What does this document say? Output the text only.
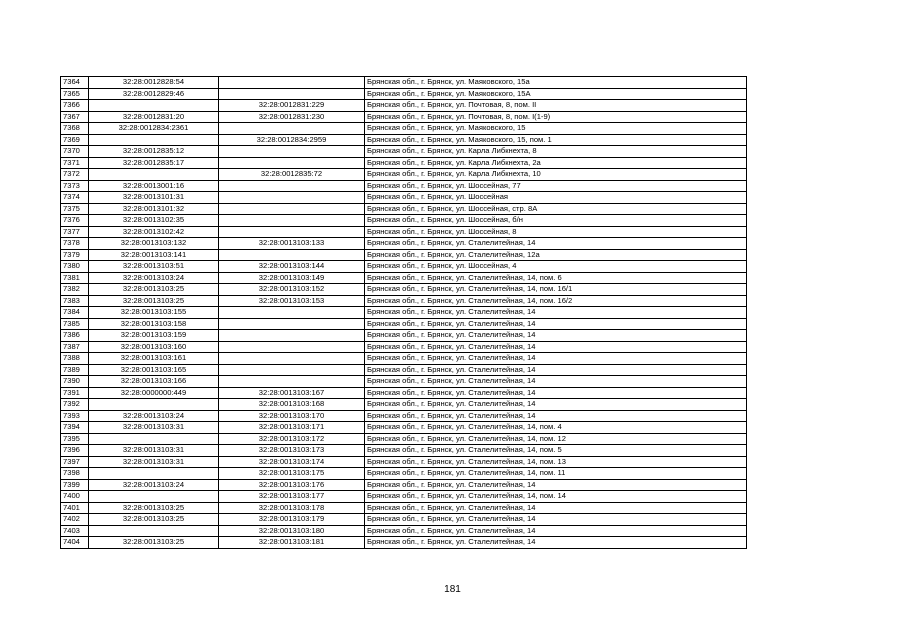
7364	32:28:0012828:54		Брянская обл., г. Брянск, ул. Маяковского, 15а
7365	32:28:0012829:46		Брянская обл., г. Брянск, ул. Маяковского, 15А
7366		32:28:0012831:229	Брянская обл., г. Брянск, ул. Почтовая, 8, пом. II
7367	32:28:0012831:20	32:28:0012831:230	Брянская обл., г. Брянск, ул. Почтовая, 8, пом. I(1-9)
7368	32:28:0012834:2361		Брянская обл., г. Брянск, ул. Маяковского, 15
7369		32:28:0012834:2959	Брянская обл., г. Брянск, ул. Маяковского, 15, пом. 1
7370	32:28:0012835:12		Брянская обл., г. Брянск, ул. Карла Либкнехта, 8
7371	32:28:0012835:17		Брянская обл., г. Брянск, ул. Карла Либкнехта, 2а
7372		32:28:0012835:72	Брянская обл., г. Брянск, ул. Карла Либкнехта, 10
7373	32:28:0013001:16		Брянская обл., г. Брянск, ул. Шоссейная, 77
7374	32:28:0013101:31		Брянская обл., г. Брянск, ул. Шоссейная
7375	32:28:0013101:32		Брянская обл., г. Брянск, ул. Шоссейная, стр. 8А
7376	32:28:0013102:35		Брянская обл., г. Брянск, ул. Шоссейная, б/н
7377	32:28:0013102:42		Брянская обл., г. Брянск, ул. Шоссейная, 8
7378	32:28:0013103:132	32:28:0013103:133	Брянская обл., г. Брянск, ул. Сталелитейная, 14
7379	32:28:0013103:141		Брянская обл., г. Брянск, ул. Сталелитейная, 12а
7380	32:28:0013103:51	32:28:0013103:144	Брянская обл., г. Брянск, ул. Шоссейная, 4
7381	32:28:0013103:24	32:28:0013103:149	Брянская обл., г. Брянск, ул. Сталелитейная, 14, пом. 6
7382	32:28:0013103:25	32:28:0013103:152	Брянская обл., г. Брянск, ул. Сталелитейная, 14, пом. 16/1
7383	32:28:0013103:25	32:28:0013103:153	Брянская обл., г. Брянск, ул. Сталелитейная, 14, пом. 16/2
7384	32:28:0013103:155		Брянская обл., г. Брянск, ул. Сталелитейная, 14
7385	32:28:0013103:158		Брянская обл., г. Брянск, ул. Сталелитейная, 14
7386	32:28:0013103:159		Брянская обл., г. Брянск, ул. Сталелитейная, 14
7387	32:28:0013103:160		Брянская обл., г. Брянск, ул. Сталелитейная, 14
7388	32:28:0013103:161		Брянская обл., г. Брянск, ул. Сталелитейная, 14
7389	32:28:0013103:165		Брянская обл., г. Брянск, ул. Сталелитейная, 14
7390	32:28:0013103:166		Брянская обл., г. Брянск, ул. Сталелитейная, 14
7391	32:28:0000000:449	32:28:0013103:167	Брянская обл., г. Брянск, ул. Сталелитейная, 14
7392		32:28:0013103:168	Брянская обл., г. Брянск, ул. Сталелитейная, 14
7393	32:28:0013103:24	32:28:0013103:170	Брянская обл., г. Брянск, ул. Сталелитейная, 14
7394	32:28:0013103:31	32:28:0013103:171	Брянская обл., г. Брянск, ул. Сталелитейная, 14, пом. 4
7395		32:28:0013103:172	Брянская обл., г. Брянск, ул. Сталелитейная, 14, пом. 12
7396	32:28:0013103:31	32:28:0013103:173	Брянская обл., г. Брянск, ул. Сталелитейная, 14, пом. 5
7397	32:28:0013103:31	32:28:0013103:174	Брянская обл., г. Брянск, ул. Сталелитейная, 14, пом. 13
7398		32:28:0013103:175	Брянская обл., г. Брянск, ул. Сталелитейная, 14, пом. 11
7399	32:28:0013103:24	32:28:0013103:176	Брянская обл., г. Брянск, ул. Сталелитейная, 14
7400		32:28:0013103:177	Брянская обл., г. Брянск, ул. Сталелитейная, 14, пом. 14
7401	32:28:0013103:25	32:28:0013103:178	Брянская обл., г. Брянск, ул. Сталелитейная, 14
7402	32:28:0013103:25	32:28:0013103:179	Брянская обл., г. Брянск, ул. Сталелитейная, 14
7403		32:28:0013103:180	Брянская обл., г. Брянск, ул. Сталелитейная, 14
7404	32:28:0013103:25	32:28:0013103:181	Брянская обл., г. Брянск, ул. Сталелитейная, 14
181
